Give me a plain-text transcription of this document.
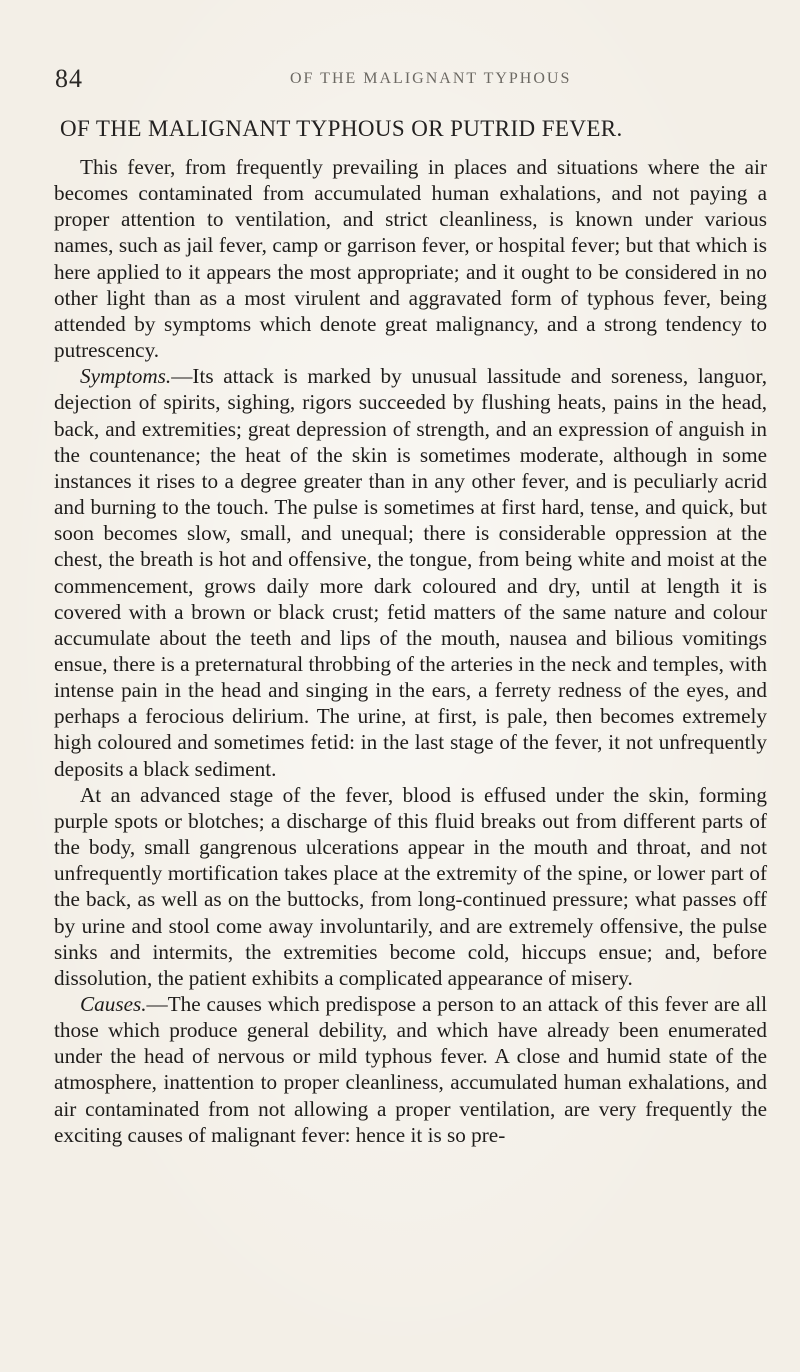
84	OF THE MALIGNANT TYPHOUS
OF THE MALIGNANT TYPHOUS OR PUTRID FEVER.

This fever, from frequently prevailing in places and situations where the air becomes contaminated from accumulated human exhalations, and not paying a proper attention to ventilation, and strict cleanliness, is known under various names, such as jail fever, camp or garrison fever, or hospital fever; but that which is here applied to it appears the most appropriate; and it ought to be considered in no other light than as a most virulent and aggravated form of typhous fever, being attended by symptoms which denote great malignancy, and a strong tendency to putrescency.

Symptoms.—Its attack is marked by unusual lassitude and soreness, languor, dejection of spirits, sighing, rigors succeeded by flushing heats, pains in the head, back, and extremities; great depression of strength, and an expression of anguish in the countenance; the heat of the skin is sometimes moderate, although in some instances it rises to a degree greater than in any other fever, and is peculiarly acrid and burning to the touch. The pulse is sometimes at first hard, tense, and quick, but soon becomes slow, small, and unequal; there is considerable oppression at the chest, the breath is hot and offensive, the tongue, from being white and moist at the commencement, grows daily more dark coloured and dry, until at length it is covered with a brown or black crust; fetid matters of the same nature and colour accumulate about the teeth and lips of the mouth, nausea and bilious vomitings ensue, there is a preternatural throbbing of the arteries in the neck and temples, with intense pain in the head and singing in the ears, a ferrety redness of the eyes, and perhaps a ferocious delirium. The urine, at first, is pale, then becomes extremely high coloured and sometimes fetid: in the last stage of the fever, it not unfrequently deposits a black sediment.

At an advanced stage of the fever, blood is effused under the skin, forming purple spots or blotches; a discharge of this fluid breaks out from different parts of the body, small gangrenous ulcerations appear in the mouth and throat, and not unfrequently mortification takes place at the extremity of the spine, or lower part of the back, as well as on the buttocks, from long-continued pressure; what passes off by urine and stool come away involuntarily, and are extremely offensive, the pulse sinks and intermits, the extremities become cold, hiccups ensue; and, before dissolution, the patient exhibits a complicated appearance of misery.

Causes.—The causes which predispose a person to an attack of this fever are all those which produce general debility, and which have already been enumerated under the head of nervous or mild typhous fever. A close and humid state of the atmosphere, inattention to proper cleanliness, accumulated human exhalations, and air contaminated from not allowing a proper ventilation, are very frequently the exciting causes of malignant fever: hence it is so pre-
